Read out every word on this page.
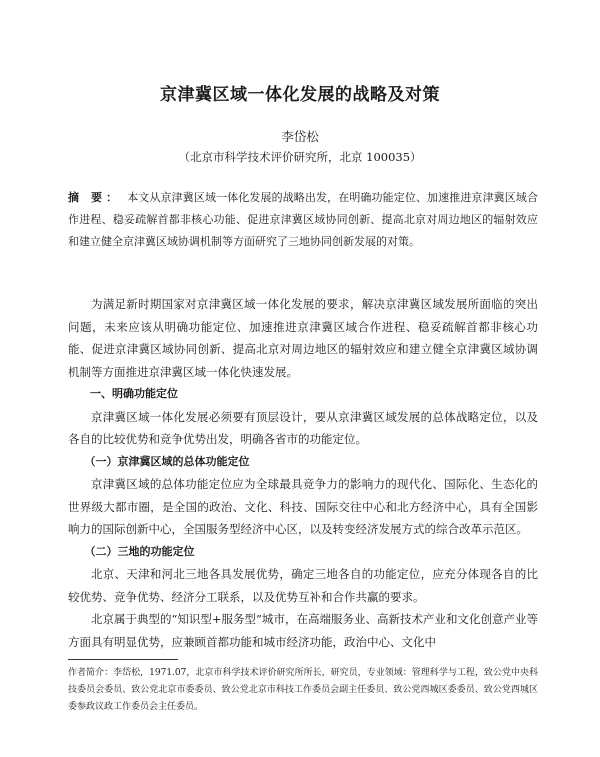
京津冀区域一体化发展的战略及对策
李岱松
（北京市科学技术评价研究所，北京 100035）
摘 要： 本文从京津冀区域一体化发展的战略出发，在明确功能定位、加速推进京津冀区域合作进程、稳妥疏解首都非核心功能、促进京津冀区域协同创新、提高北京对周边地区的辐射效应和建立健全京津冀区域协调机制等方面研究了三地协同创新发展的对策。

为满足新时期国家对京津冀区域一体化发展的要求，解决京津冀区域发展所面临的突出问题，未来应该从明确功能定位、加速推进京津冀区域合作进程、稳妥疏解首都非核心功能、促进京津冀区域协同创新、提高北京对周边地区的辐射效应和建立健全京津冀区域协调机制等方面推进京津冀区域一体化快速发展。

一、明确功能定位

京津冀区域一体化发展必须要有顶层设计，要从京津冀区域发展的总体战略定位，以及各自的比较优势和竞争优势出发，明确各省市的功能定位。

（一）京津冀区域的总体功能定位

京津冀区域的总体功能定位应为全球最具竞争力的影响力的现代化、国际化、生态化的世界级大都市圈，是全国的政治、文化、科技、国际交往中心和北方经济中心，具有全国影响力的国际创新中心，全国服务型经济中心区，以及转变经济发展方式的综合改革示范区。

（二）三地的功能定位

北京、天津和河北三地各具发展优势，确定三地各自的功能定位，应充分体现各自的比较优势、竞争优势、经济分工联系，以及优势互补和合作共赢的要求。

北京属于典型的“知识型+服务型”城市，在高端服务业、高新技术产业和文化创意产业等方面具有明显优势，应兼顾首都功能和城市经济功能，政治中心、文化中

作者简介：李岱松，1971.07，北京市科学技术评价研究所所长，研究员，专业领域：管理科学与工程，致公党中央科技委员会委员、致公党北京市委委员、致公党北京市科技工作委员会副主任委员、致公党西城区委委员、致公党西城区委参政议政工作委员会主任委员。
